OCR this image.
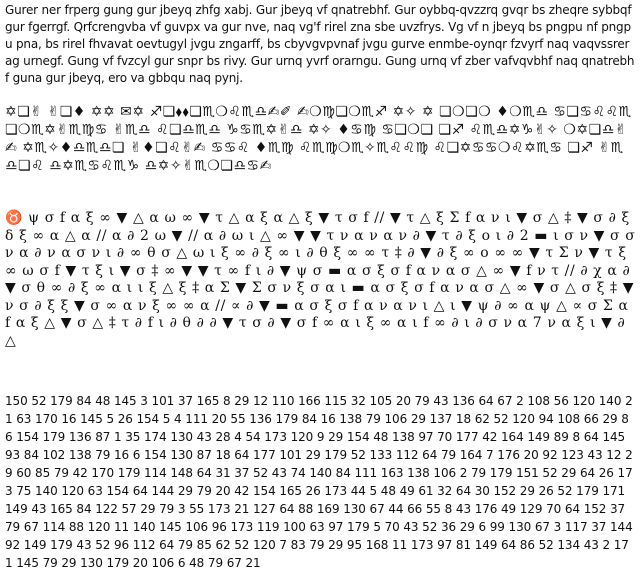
Gurer ner frperg gung gur jbeyq zhfg xabj. Gur jbeyq vf qnatrebhf. Gur oybbq-qvzzrq gvqr bs zheqre sybbqf gur fgerrgf. Qrfcrengvba vf guvpx va gur nve, naq vg'f rirel zna sbe uvzfrys. Vg vf n jbeyq bs pngpu nf pngpu pna, bs rirel fhvavat oevtugyl jvgu zngarff, bs cbyvgvpvnaf jvgu gurve enmbe-oynqr fzvyrf naq vaqvssrerag urnegf. Gung vf fvzcyl gur snpr bs rivy. Gur urnq yvrf orarngu. Gung urnq vf zber vafvqvbhf naq qnatrebhf guna gur jbeyq, ero va gbbqu naq pynj.

✡❏✌ ✌❏♦ ✡✡ ✉✡ ♐❏⬧⬧❏♏❍♌♏♎✍✐ ✍❍♍❏❍♏♐ ✡✧ ✡ ❏❍❏❍ ♦❍♏♎ ♋❏♋♌♌♏ ❏❍♏✡✌♏♍♋ ✌♏♎ ♌❏♎♏♎ ♑♋♏✡✌♎ ✡✧ ♦♋♍ ♋❏❍❏ ❏♐ ♌♏♎✡♑✌✧ ❍✡❏♎✌✍ ✡♏✧♦♎♏♎❏ ✌♦❏♌✌✍ ♋♋♌ ♦♏♍ ♌♏♍❍♏✧♏♌♌♍ ♌❏✡♋♋❍♌✡♏♋ ❏♐ ✌♏♎❏♌ ♎✡♏♋♌♏♑ ♎✡✧✌♏❍❏♎♋✍

♉ ψ σ f α ξ ∞ ▼ △ α ω ∞ ▼ τ △ α ξ α △ ξ ▼ τ σ f // ▼ τ △ ξ Σ f α ν ι ▼ σ △ ‡ ▼ σ ∂ ξ δ ξ ∞ α △ α // α ∂ 2 ω ▼ // α ∂ ω ι △ ∞ ▼ ▼ τ ν α ν α ν ∂ ▼ τ ∂ ξ ο ι ∂ 2 ▬ ι σ ν ▼ σ σ ν α ∂ ν α σ ν ι ∂ ∞ θ σ △ ω ι ξ ∞ ∂ ξ ∞ ι ∂ θ ξ ∞ ∞ τ ‡ ∂ ▼ ∂ ξ ∞ ο ∞ ∞ ▼ τ Σ ν ▼ τ ξ ∞ ω σ f ▼ τ ξ ι ▼ σ ‡ ∞ ▼ ▼ τ ∞ f ι ∂ ▼ ψ σ ▬ α σ ξ σ f α ν α σ △ ∞ ▼ f ν τ // ∂ χ α ∂ ▼ σ θ ∞ ∂ ξ ∞ α ι ι ξ △ ξ ‡ α Σ ▼ Σ σ ν ξ σ α ι ▬ α σ ξ σ f α ν α σ △ ∞ ▼ σ △ σ ξ ‡ ▼ ν σ ∂ ξ ξ ▼ σ ∞ α ν ξ ∞ ∞ α // ∝ ∂ ▼ ▬ α σ ξ σ f α ν α ν ι △ ι ▼ ψ ∂ ∞ α ψ △ ∝ σ Σ α f α ξ △ ▼ σ △ ‡ τ ∂ f ι ∂ θ ∂ ∂ ▼ τ σ ∂ ▼ σ f ∞ α ι ξ ∞ α ι f ∞ ∂ ι ∂ σ ν α 7 ν α ξ ι ▼ ∂ △

150 52 179 84 48 145 3 101 37 165 8 29 12 110 166 115 32 105 20 79 43 136 64 67 2 108 56 120 140 21 63 170 16 145 5 26 154 5 4 111 20 55 136 179 84 16 138 79 106 29 137 18 62 52 120 94 108 66 29 86 154 179 136 87 1 35 174 130 43 28 4 54 173 120 9 29 154 48 138 97 70 177 42 164 149 89 8 64 145 93 84 102 138 79 16 6 154 130 87 18 64 177 101 29 179 52 133 112 64 79 164 7 176 20 92 123 43 12 29 60 85 79 42 170 179 114 148 64 31 37 52 43 74 140 84 111 163 138 106 2 79 179 151 52 29 64 26 173 75 140 120 63 154 64 144 29 79 20 42 154 165 26 173 44 5 48 49 61 32 64 30 152 29 26 52 179 171 149 43 165 84 122 57 29 79 3 55 173 21 127 64 88 169 130 67 44 66 55 8 43 176 49 129 70 64 152 37 79 67 114 88 120 11 140 145 106 96 173 119 100 63 97 179 5 70 43 52 36 29 6 99 130 67 3 117 37 144 92 149 179 43 52 96 112 64 79 85 62 52 120 7 83 79 29 95 168 11 173 97 81 149 64 86 52 134 43 2 171 145 79 29 130 179 20 106 6 48 79 67 21
